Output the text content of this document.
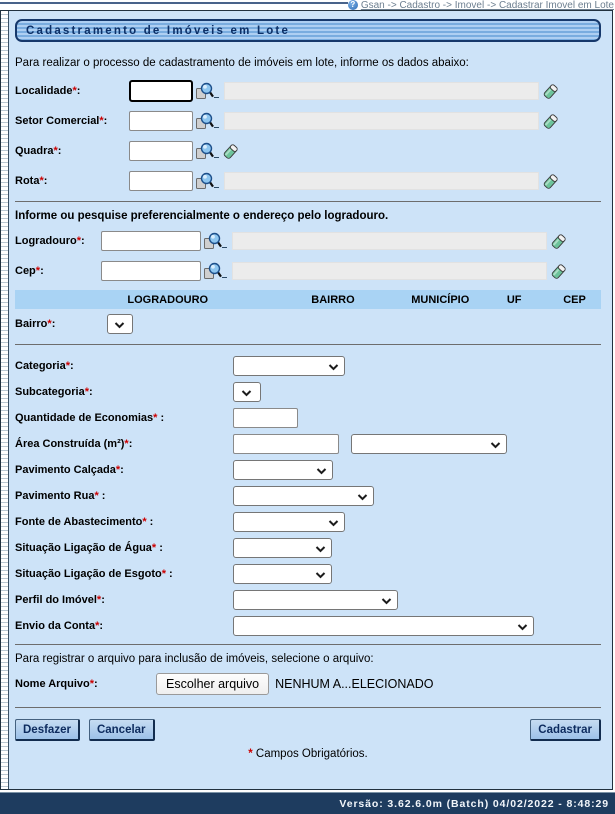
? Gsan -> Cadastro -> Imovel -> Cadastrar Imovel em Lote
Cadastramento de Imóveis em Lote

Para realizar o processo de cadastramento de imóveis em lote, informe os dados abaixo:

Localidade*:
Setor Comercial*:
Quadra*:
Rota*:

Informe ou pesquise preferencialmente o endereço pelo logradouro.

Logradouro*:
Cep*:
LOGRADOURO	BAIRRO	MUNICÍPIO	UF	CEP
Bairro*:
Categoria*:
Subcategoria*:
Quantidade de Economias* :
Área Construída (m²)*:
Pavimento Calçada*:
Pavimento Rua* :
Fonte de Abastecimento* :
Situação Ligação de Água* :
Situação Ligação de Esgoto* :
Perfil do Imóvel*:
Envio da Conta*:

Para registrar o arquivo para inclusão de imóveis, selecione o arquivo:

Nome Arquivo*:	Escolher arquivo	NENHUM A...ELECIONADO
Desfazer	Cancelar	Cadastrar

* Campos Obrigatórios.

Versão: 3.62.6.0m (Batch) 04/02/2022 - 8:48:29
